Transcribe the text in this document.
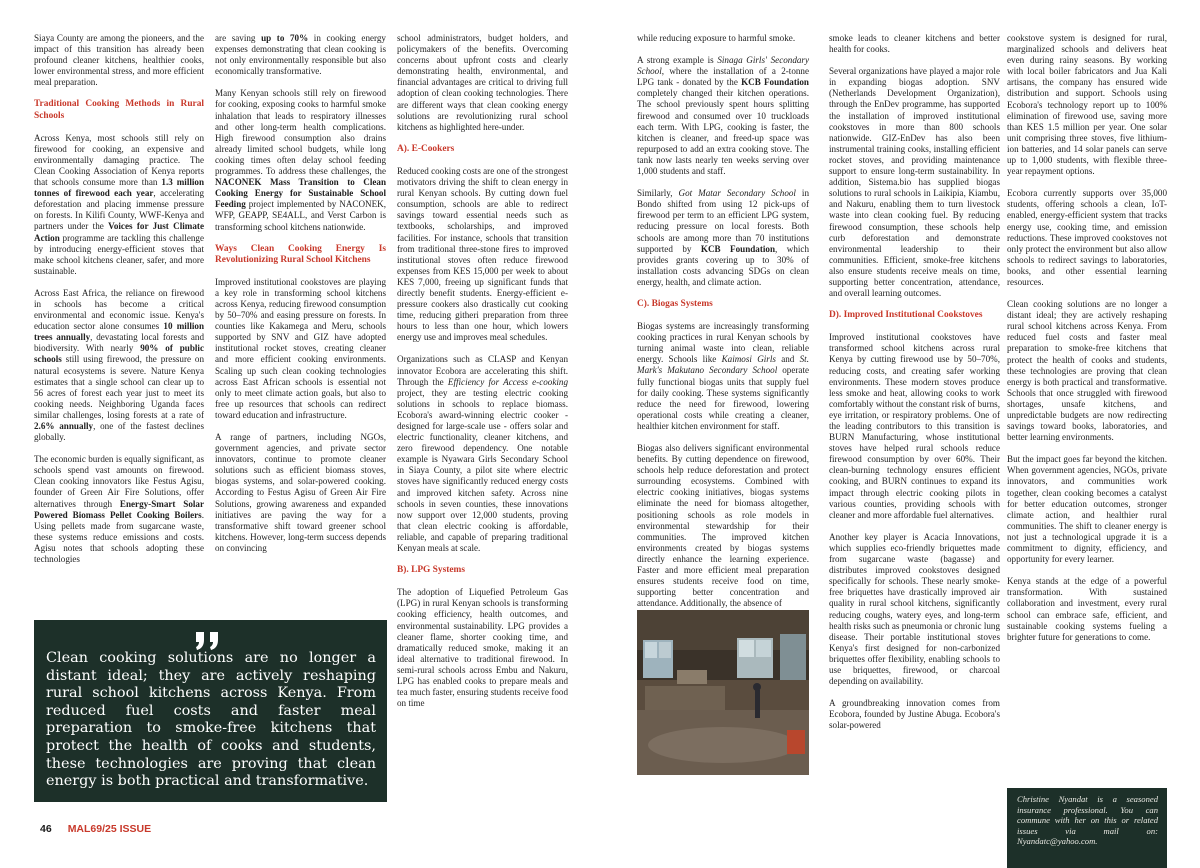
Siaya County are among the pioneers, and the impact of this transition has already been profound cleaner kitchens, healthier cooks, lower environmental stress, and more efficient meal preparation.

Traditional Cooking Methods in Rural Schools

Across Kenya, most schools still rely on firewood for cooking, an expensive and environmentally damaging practice. The Clean Cooking Association of Kenya reports that schools consume more than 1.3 million tonnes of firewood each year, accelerating deforestation and placing immense pressure on forests. In Kilifi County, WWF-Kenya and partners under the Voices for Just Climate Action programme are tackling this challenge by introducing energy-efficient stoves that make school kitchens cleaner, safer, and more sustainable.

Across East Africa, the reliance on firewood in schools has become a critical environmental and economic issue. Kenya's education sector alone consumes 10 million trees annually, devastating local forests and biodiversity. With nearly 90% of public schools still using firewood, the pressure on natural ecosystems is severe. Nature Kenya estimates that a single school can clear up to 56 acres of forest each year just to meet its cooking needs. Neighboring Uganda faces similar challenges, losing forests at a rate of 2.6% annually, one of the fastest declines globally.

The economic burden is equally significant, as schools spend vast amounts on firewood. Clean cooking innovators like Festus Agisu, founder of Green Air Fire Solutions, offer alternatives through Energy-Smart Solar Powered Biomass Pellet Cooking Boilers. Using pellets made from sugarcane waste, these systems reduce emissions and costs. Agisu notes that schools adopting these technologies

are saving up to 70% in cooking energy expenses demonstrating that clean cooking is not only environmentally responsible but also economically transformative.

Many Kenyan schools still rely on firewood for cooking, exposing cooks to harmful smoke inhalation that leads to respiratory illnesses and other long-term health complications. High firewood consumption also drains already limited school budgets, while long cooking times often delay school feeding programmes. To address these challenges, the NACONEK Mass Transition to Clean Cooking Energy for Sustainable School Feeding project implemented by NACONEK, WFP, GEAPP, SE4ALL, and Verst Carbon is transforming school kitchens nationwide.

Ways Clean Cooking Energy Is Revolutionizing Rural School Kitchens

Improved institutional cookstoves are playing a key role in transforming school kitchens across Kenya, reducing firewood consumption by 50–70% and easing pressure on forests. In counties like Kakamega and Meru, schools supported by SNV and GIZ have adopted institutional rocket stoves, creating cleaner and more efficient cooking environments. Scaling up such clean cooking technologies across East African schools is essential not only to meet climate action goals, but also to free up resources that schools can redirect toward education and infrastructure.

A range of partners, including NGOs, government agencies, and private sector innovators, continue to promote cleaner solutions such as efficient biomass stoves, biogas systems, and solar-powered cooking. According to Festus Agisu of Green Air Fire Solutions, growing awareness and expanded initiatives are paving the way for a transformative shift toward greener school kitchens. However, long-term success depends on convincing

Clean cooking solutions are no longer a distant ideal; they are actively reshaping rural school kitchens across Kenya. From reduced fuel costs and faster meal preparation to smoke-free kitchens that protect the health of cooks and students, these technologies are proving that clean energy is both practical and transformative.

school administrators, budget holders, and policymakers of the benefits. Overcoming concerns about upfront costs and clearly demonstrating health, environmental, and financial advantages are critical to driving full adoption of clean cooking technologies. There are different ways that clean cooking energy solutions are revolutionizing rural school kitchens as highlighted here-under.

A). E-Cookers

Reduced cooking costs are one of the strongest motivators driving the shift to clean energy in rural Kenyan schools. By cutting down fuel consumption, schools are able to redirect savings toward essential needs such as textbooks, scholarships, and improved facilities. For instance, schools that transition from traditional three-stone fires to improved institutional stoves often reduce firewood expenses from KES 15,000 per week to about KES 7,000, freeing up significant funds that directly benefit students. Energy-efficient e-pressure cookers also drastically cut cooking time, reducing githeri preparation from three hours to less than one hour, which lowers energy use and improves meal schedules.

Organizations such as CLASP and Kenyan innovator Ecobora are accelerating this shift. Through the Efficiency for Access e-cooking project, they are testing electric cooking solutions in schools to replace biomass. Ecobora's award-winning electric cooker - designed for large-scale use - offers solar and electric functionality, cleaner kitchens, and zero firewood dependency. One notable example is Nyawara Girls Secondary School in Siaya County, a pilot site where electric stoves have significantly reduced energy costs and improved kitchen safety. Across nine schools in seven counties, these innovations now support over 12,000 students, proving that clean electric cooking is affordable, reliable, and capable of preparing traditional Kenyan meals at scale.

B). LPG Systems

The adoption of Liquefied Petroleum Gas (LPG) in rural Kenyan schools is transforming cooking efficiency, health outcomes, and environmental sustainability. LPG provides a cleaner flame, shorter cooking time, and dramatically reduced smoke, making it an ideal alternative to traditional firewood. In semi-rural schools across Embu and Nakuru, LPG has enabled cooks to prepare meals and tea much faster, ensuring students receive food on time

46 MAL69/25 ISSUE

while reducing exposure to harmful smoke.

A strong example is Sinaga Girls' Secondary School, where the installation of a 2-tonne LPG tank - donated by the KCB Foundation completely changed their kitchen operations. The school previously spent hours splitting firewood and consumed over 10 truckloads each term. With LPG, cooking is faster, the kitchen is cleaner, and freed-up space was repurposed to add an extra cooking stove. The tank now lasts nearly ten weeks serving over 1,000 students and staff.

Similarly, Got Matar Secondary School in Bondo shifted from using 12 pick-ups of firewood per term to an efficient LPG system, reducing pressure on local forests. Both schools are among more than 70 institutions supported by KCB Foundation, which provides grants covering up to 30% of installation costs advancing SDGs on clean energy, health, and climate action.

C). Biogas Systems

Biogas systems are increasingly transforming cooking practices in rural Kenyan schools by turning animal waste into clean, reliable energy. Schools like Kaimosi Girls and St. Mark's Makutano Secondary School operate fully functional biogas units that supply fuel for daily cooking. These systems significantly reduce the need for firewood, lowering operational costs while creating a cleaner, healthier kitchen environment for staff.

Biogas also delivers significant environmental benefits. By cutting dependence on firewood, schools help reduce deforestation and protect surrounding ecosystems. Combined with electric cooking initiatives, biogas systems eliminate the need for biomass altogether, positioning schools as role models in environmental stewardship for their communities. The improved kitchen environments created by biogas systems directly enhance the learning experience. Faster and more efficient meal preparation ensures students receive food on time, supporting better concentration and attendance. Additionally, the absence of

smoke leads to cleaner kitchens and better health for cooks.

Several organizations have played a major role in expanding biogas adoption. SNV (Netherlands Development Organization), through the EnDev programme, has supported the installation of improved institutional cookstoves in more than 800 schools nationwide. GIZ-EnDev has also been instrumental training cooks, installing efficient rocket stoves, and providing maintenance support to ensure long-term sustainability. In addition, Sistema.bio has supplied biogas solutions to rural schools in Laikipia, Kiambu, and Nakuru, enabling them to turn livestock waste into clean cooking fuel. By reducing firewood consumption, these schools help curb deforestation and demonstrate environmental leadership to their communities. Efficient, smoke-free kitchens also ensure students receive meals on time, supporting better concentration, attendance, and overall learning outcomes.

D). Improved Institutional Cookstoves

Improved institutional cookstoves have transformed school kitchens across rural Kenya by cutting firewood use by 50–70%, reducing costs, and creating safer working environments. These modern stoves produce less smoke and heat, allowing cooks to work comfortably without the constant risk of burns, eye irritation, or respiratory problems. One of the leading contributors to this transition is BURN Manufacturing, whose institutional stoves have helped rural schools reduce firewood consumption by over 60%. Their clean-burning technology ensures efficient cooking, and BURN continues to expand its impact through electric cooking pilots in various counties, providing schools with cleaner and more affordable fuel alternatives.

Another key player is Acacia Innovations, which supplies eco-friendly briquettes made from sugarcane waste (bagasse) and distributes improved cookstoves designed specifically for schools. These nearly smoke-free briquettes have drastically improved air quality in rural school kitchens, significantly reducing coughs, watery eyes, and long-term health risks such as pneumonia or chronic lung disease. Their portable institutional stoves Kenya's first designed for non-carbonized briquettes offer flexibility, enabling schools to use briquettes, firewood, or charcoal depending on availability.

A groundbreaking innovation comes from Ecobora, founded by Justine Abuga. Ecobora's solar-powered

cookstove system is designed for rural, marginalized schools and delivers heat even during rainy seasons. By working with local boiler fabricators and Jua Kali artisans, the company has ensured wide distribution and support. Schools using Ecobora's technology report up to 100% elimination of firewood use, saving more than KES 1.5 million per year. One solar unit comprising three stoves, five lithium-ion batteries, and 14 solar panels can serve up to 1,000 students, with flexible three-year repayment options.

Ecobora currently supports over 35,000 students, offering schools a clean, IoT-enabled, energy-efficient system that tracks energy use, cooking time, and emission reductions. These improved cookstoves not only protect the environment but also allow schools to redirect savings to laboratories, books, and other essential learning resources.

Clean cooking solutions are no longer a distant ideal; they are actively reshaping rural school kitchens across Kenya. From reduced fuel costs and faster meal preparation to smoke-free kitchens that protect the health of cooks and students, these technologies are proving that clean energy is both practical and transformative. Schools that once struggled with firewood shortages, unsafe kitchens, and unpredictable budgets are now redirecting savings toward books, laboratories, and better learning environments.

But the impact goes far beyond the kitchen. When government agencies, NGOs, private innovators, and communities work together, clean cooking becomes a catalyst for better education outcomes, stronger climate action, and healthier rural communities. The shift to cleaner energy is not just a technological upgrade it is a commitment to dignity, efficiency, and opportunity for every learner.

Kenya stands at the edge of a powerful transformation. With sustained collaboration and investment, every rural school can embrace safe, efficient, and sustainable cooking systems fueling a brighter future for generations to come.

Christine Nyandat is a seasoned insurance professional. You can commune with her on this or related issues via mail on: Nyandatc@yahoo.com.
